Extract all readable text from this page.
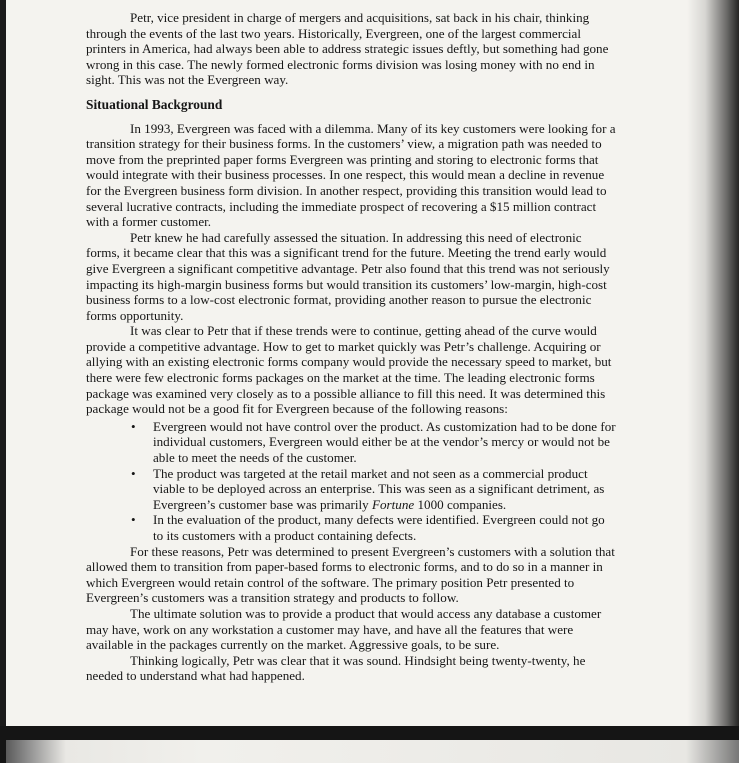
Petr, vice president in charge of mergers and acquisitions, sat back in his chair, thinking through the events of the last two years. Historically, Evergreen, one of the largest commercial printers in America, had always been able to address strategic issues deftly, but something had gone wrong in this case. The newly formed electronic forms division was losing money with no end in sight. This was not the Evergreen way.

Situational Background

In 1993, Evergreen was faced with a dilemma. Many of its key customers were looking for a transition strategy for their business forms. In the customers’ view, a migration path was needed to move from the preprinted paper forms Evergreen was printing and storing to electronic forms that would integrate with their business processes. In one respect, this would mean a decline in revenue for the Evergreen business form division. In another respect, providing this transition would lead to several lucrative contracts, including the immediate prospect of recovering a $15 million contract with a former customer.

Petr knew he had carefully assessed the situation. In addressing this need of electronic forms, it became clear that this was a significant trend for the future. Meeting the trend early would give Evergreen a significant competitive advantage. Petr also found that this trend was not seriously impacting its high-margin business forms but would transition its customers’ low-margin, high-cost business forms to a low-cost electronic format, providing another reason to pursue the electronic forms opportunity.

It was clear to Petr that if these trends were to continue, getting ahead of the curve would provide a competitive advantage. How to get to market quickly was Petr’s challenge. Acquiring or allying with an existing electronic forms company would provide the necessary speed to market, but there were few electronic forms packages on the market at the time. The leading electronic forms package was examined very closely as to a possible alliance to fill this need. It was determined this package would not be a good fit for Evergreen because of the following reasons:

• Evergreen would not have control over the product. As customization had to be done for individual customers, Evergreen would either be at the vendor’s mercy or would not be able to meet the needs of the customer.
• The product was targeted at the retail market and not seen as a commercial product viable to be deployed across an enterprise. This was seen as a significant detriment, as Evergreen’s customer base was primarily Fortune 1000 companies.
• In the evaluation of the product, many defects were identified. Evergreen could not go to its customers with a product containing defects.

For these reasons, Petr was determined to present Evergreen’s customers with a solution that allowed them to transition from paper-based forms to electronic forms, and to do so in a manner in which Evergreen would retain control of the software. The primary position Petr presented to Evergreen’s customers was a transition strategy and products to follow.

The ultimate solution was to provide a product that would access any database a customer may have, work on any workstation a customer may have, and have all the features that were available in the packages currently on the market. Aggressive goals, to be sure.

Thinking logically, Petr was clear that it was sound. Hindsight being twenty-twenty, he needed to understand what had happened.
